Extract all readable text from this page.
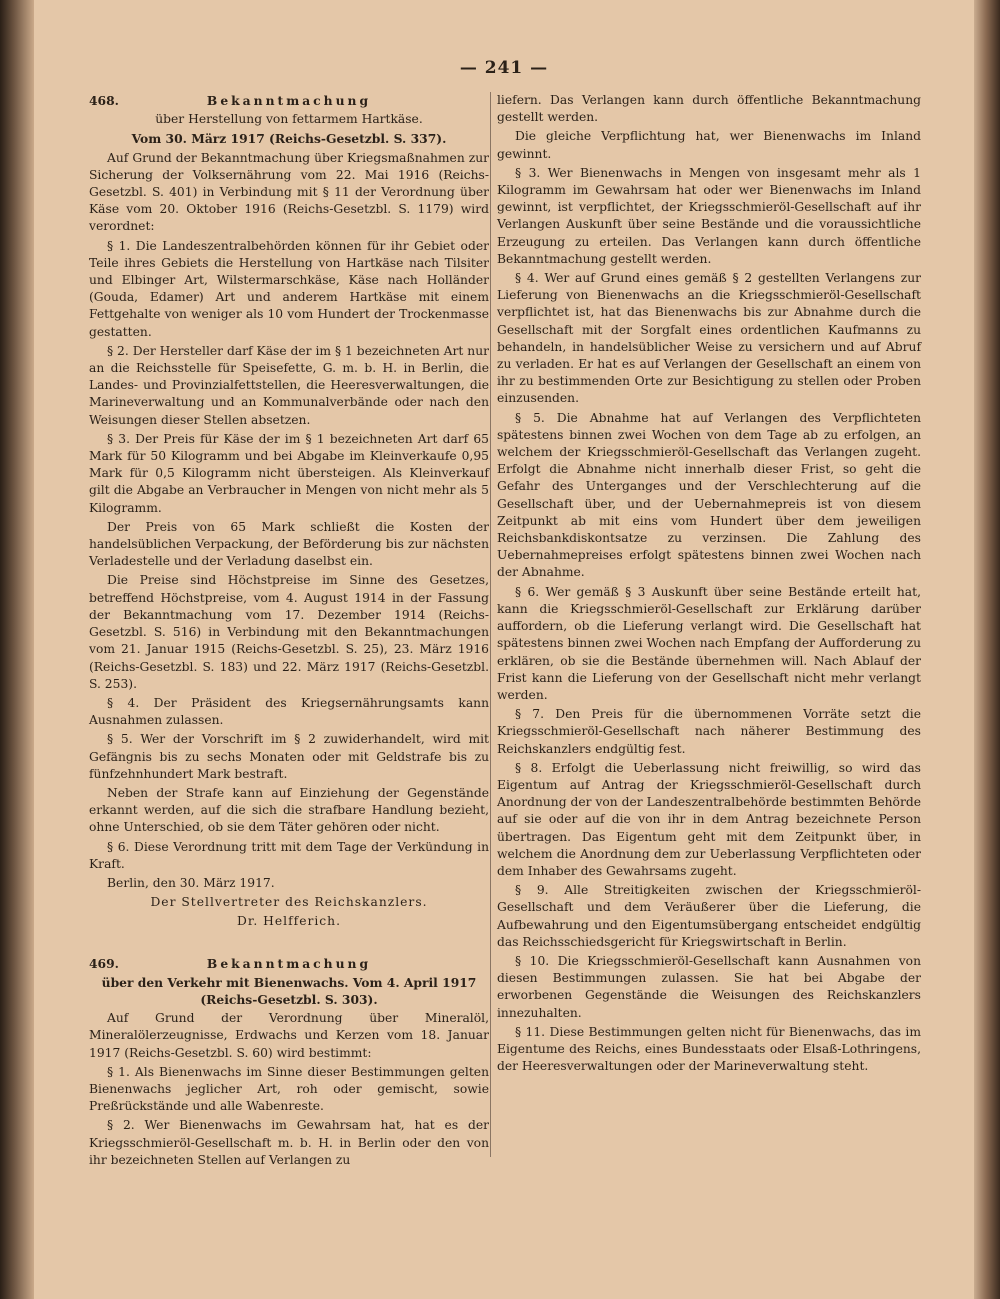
— 241 —

468.	Bekanntmachung

über Herstellung von fettarmem Hartkäse.

Vom 30. März 1917 (Reichs-Gesetzbl. S. 337).

Auf Grund der Bekanntmachung über Kriegsmaßnahmen zur Sicherung der Volksernährung vom 22. Mai 1916 (Reichs-Gesetzbl. S. 401) in Verbindung mit § 11 der Verordnung über Käse vom 20. Oktober 1916 (Reichs-Gesetzbl. S. 1179) wird verordnet:

§ 1. Die Landeszentralbehörden können für ihr Gebiet oder Teile ihres Gebiets die Herstellung von Hartkäse nach Tilsiter und Elbinger Art, Wilstermarschkäse, Käse nach Holländer (Gouda, Edamer) Art und anderem Hartkäse mit einem Fettgehalte von weniger als 10 vom Hundert der Trockenmasse gestatten.

§ 2. Der Hersteller darf Käse der im § 1 bezeichneten Art nur an die Reichsstelle für Speisefette, G. m. b. H. in Berlin, die Landes- und Provinzialfettstellen, die Heeresverwaltungen, die Marineverwaltung und an Kommunalverbände oder nach den Weisungen dieser Stellen absetzen.

§ 3. Der Preis für Käse der im § 1 bezeichneten Art darf 65 Mark für 50 Kilogramm und bei Abgabe im Kleinverkaufe 0,95 Mark für 0,5 Kilogramm nicht übersteigen. Als Kleinverkauf gilt die Abgabe an Verbraucher in Mengen von nicht mehr als 5 Kilogramm.

Der Preis von 65 Mark schließt die Kosten der handelsüblichen Verpackung, der Beförderung bis zur nächsten Verladestelle und der Verladung daselbst ein.

Die Preise sind Höchstpreise im Sinne des Gesetzes, betreffend Höchstpreise, vom 4. August 1914 in der Fassung der Bekanntmachung vom 17. Dezember 1914 (Reichs-Gesetzbl. S. 516) in Verbindung mit den Bekanntmachungen vom 21. Januar 1915 (Reichs-Gesetzbl. S. 25), 23. März 1916 (Reichs-Gesetzbl. S. 183) und 22. März 1917 (Reichs-Gesetzbl. S. 253).

§ 4. Der Präsident des Kriegsernährungsamts kann Ausnahmen zulassen.

§ 5. Wer der Vorschrift im § 2 zuwiderhandelt, wird mit Gefängnis bis zu sechs Monaten oder mit Geldstrafe bis zu fünfzehnhundert Mark bestraft.

Neben der Strafe kann auf Einziehung der Gegenstände erkannt werden, auf die sich die strafbare Handlung bezieht, ohne Unterschied, ob sie dem Täter gehören oder nicht.

§ 6. Diese Verordnung tritt mit dem Tage der Verkündung in Kraft.

Berlin, den 30. März 1917.

Der Stellvertreter des Reichskanzlers.

Dr. Helfferich.

469.	Bekanntmachung

über den Verkehr mit Bienenwachs. Vom 4. April 1917 (Reichs-Gesetzbl. S. 303).

Auf Grund der Verordnung über Mineralöl, Mineralölerzeugnisse, Erdwachs und Kerzen vom 18. Januar 1917 (Reichs-Gesetzbl. S. 60) wird bestimmt:

§ 1. Als Bienenwachs im Sinne dieser Bestimmungen gelten Bienenwachs jeglicher Art, roh oder gemischt, sowie Preßrückstände und alle Wabenreste.

§ 2. Wer Bienenwachs im Gewahrsam hat, hat es der Kriegsschmieröl-Gesellschaft m. b. H. in Berlin oder den von ihr bezeichneten Stellen auf Verlangen zu

liefern. Das Verlangen kann durch öffentliche Bekanntmachung gestellt werden.

Die gleiche Verpflichtung hat, wer Bienenwachs im Inland gewinnt.

§ 3. Wer Bienenwachs in Mengen von insgesamt mehr als 1 Kilogramm im Gewahrsam hat oder wer Bienenwachs im Inland gewinnt, ist verpflichtet, der Kriegsschmieröl-Gesellschaft auf ihr Verlangen Auskunft über seine Bestände und die voraussichtliche Erzeugung zu erteilen. Das Verlangen kann durch öffentliche Bekanntmachung gestellt werden.

§ 4. Wer auf Grund eines gemäß § 2 gestellten Verlangens zur Lieferung von Bienenwachs an die Kriegsschmieröl-Gesellschaft verpflichtet ist, hat das Bienenwachs bis zur Abnahme durch die Gesellschaft mit der Sorgfalt eines ordentlichen Kaufmanns zu behandeln, in handelsüblicher Weise zu versichern und auf Abruf zu verladen. Er hat es auf Verlangen der Gesellschaft an einem von ihr zu bestimmenden Orte zur Besichtigung zu stellen oder Proben einzusenden.

§ 5. Die Abnahme hat auf Verlangen des Verpflichteten spätestens binnen zwei Wochen von dem Tage ab zu erfolgen, an welchem der Kriegsschmieröl-Gesellschaft das Verlangen zugeht. Erfolgt die Abnahme nicht innerhalb dieser Frist, so geht die Gefahr des Unterganges und der Verschlechterung auf die Gesellschaft über, und der Uebernahmepreis ist von diesem Zeitpunkt ab mit eins vom Hundert über dem jeweiligen Reichsbankdiskontsatze zu verzinsen. Die Zahlung des Uebernahmepreises erfolgt spätestens binnen zwei Wochen nach der Abnahme.

§ 6. Wer gemäß § 3 Auskunft über seine Bestände erteilt hat, kann die Kriegsschmieröl-Gesellschaft zur Erklärung darüber auffordern, ob die Lieferung verlangt wird. Die Gesellschaft hat spätestens binnen zwei Wochen nach Empfang der Aufforderung zu erklären, ob sie die Bestände übernehmen will. Nach Ablauf der Frist kann die Lieferung von der Gesellschaft nicht mehr verlangt werden.

§ 7. Den Preis für die übernommenen Vorräte setzt die Kriegsschmieröl-Gesellschaft nach näherer Bestimmung des Reichskanzlers endgültig fest.

§ 8. Erfolgt die Ueberlassung nicht freiwillig, so wird das Eigentum auf Antrag der Kriegsschmieröl-Gesellschaft durch Anordnung der von der Landeszentralbehörde bestimmten Behörde auf sie oder auf die von ihr in dem Antrag bezeichnete Person übertragen. Das Eigentum geht mit dem Zeitpunkt über, in welchem die Anordnung dem zur Ueberlassung Verpflichteten oder dem Inhaber des Gewahrsams zugeht.

§ 9. Alle Streitigkeiten zwischen der Kriegsschmieröl-Gesellschaft und dem Veräußerer über die Lieferung, die Aufbewahrung und den Eigentumsübergang entscheidet endgültig das Reichsschiedsgericht für Kriegswirtschaft in Berlin.

§ 10. Die Kriegsschmieröl-Gesellschaft kann Ausnahmen von diesen Bestimmungen zulassen. Sie hat bei Abgabe der erworbenen Gegenstände die Weisungen des Reichskanzlers innezuhalten.

§ 11. Diese Bestimmungen gelten nicht für Bienenwachs, das im Eigentume des Reichs, eines Bundesstaats oder Elsaß-Lothringens, der Heeresverwaltungen oder der Marineverwaltung steht.
